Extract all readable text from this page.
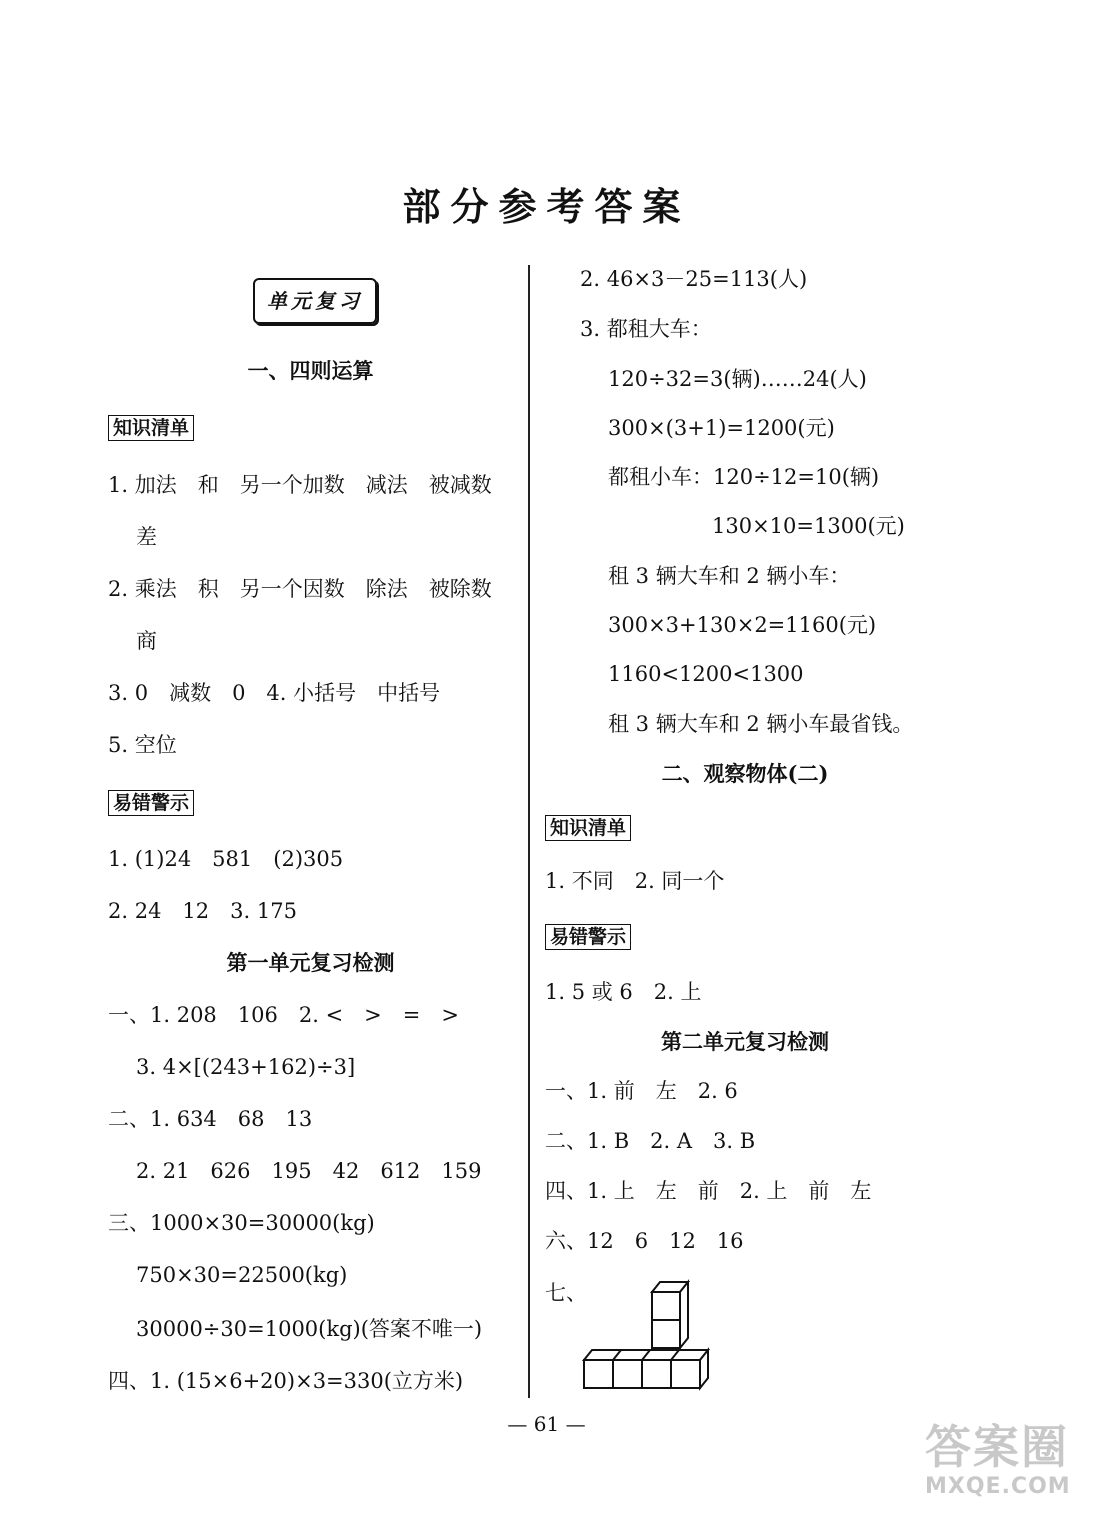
部分参考答案
单元复习
一、四则运算
知识清单
1. 加法　和　另一个加数　减法　被减数
差
2. 乘法　积　另一个因数　除法　被除数
商
3. 0　减数　0　4. 小括号　中括号
5. 空位
易错警示
1. (1)24　581　(2)305
2. 24　12　3. 175
第一单元复习检测
一、1. 208　106　2. <　>　=　>
3. 4×[(243+162)÷3]
二、1. 634　68　13
2. 21　626　195　42　612　159
三、1000×30=30000(kg)
750×30=22500(kg)
30000÷30=1000(kg)(答案不唯一)
四、1. (15×6+20)×3=330(立方米)
2. 46×3－25=113(人)
3. 都租大车：
120÷32=3(辆)……24(人)
300×(3+1)=1200(元)
都租小车：120÷12=10(辆)
130×10=1300(元)
租 3 辆大车和 2 辆小车：
300×3+130×2=1160(元)
1160<1200<1300
租 3 辆大车和 2 辆小车最省钱。
二、观察物体(二)
知识清单
1. 不同　2. 同一个
易错警示
1. 5 或 6　2. 上
第二单元复习检测
一、1. 前　左　2. 6
二、1. B　2. A　3. B
四、1. 上　左　前　2. 上　前　左
六、12　6　12　16
七、
— 61 —	答案圈
MXQE.COM
